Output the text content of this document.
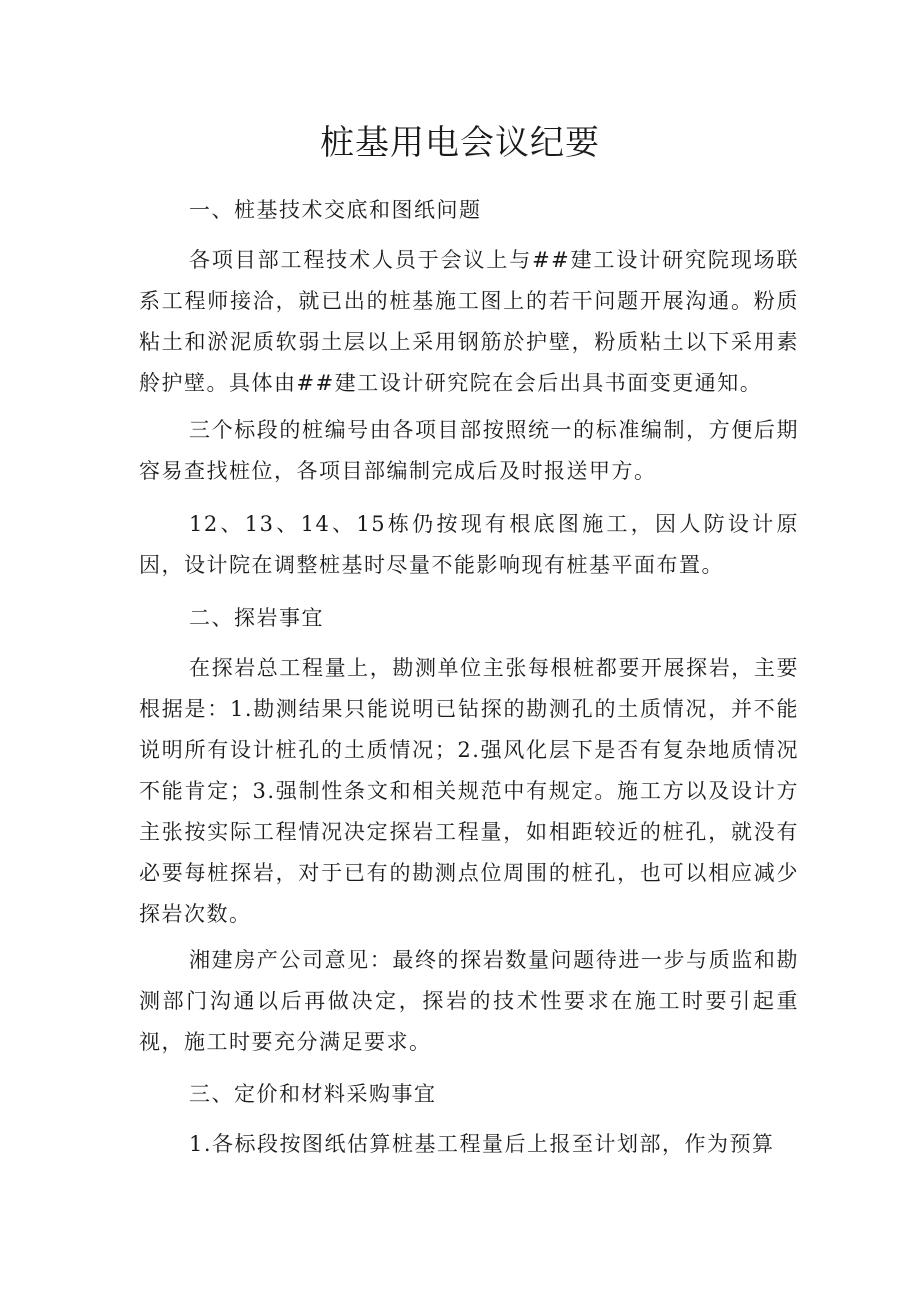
桩基用电会议纪要

一、桩基技术交底和图纸问题

各项目部工程技术人员于会议上与##建工设计研究院现场联系工程师接洽，就已出的桩基施工图上的若干问题开展沟通。粉质粘土和淤泥质软弱土层以上采用钢筋於护壁，粉质粘土以下采用素舲护壁。具体由##建工设计研究院在会后出具书面变更通知。

三个标段的桩编号由各项目部按照统一的标准编制，方便后期容易查找桩位，各项目部编制完成后及时报送甲方。

12、13、14、15栋仍按现有根底图施工，因人防设计原因，设计院在调整桩基时尽量不能影响现有桩基平面布置。

二、探岩事宜

在探岩总工程量上，勘测单位主张每根桩都要开展探岩，主要根据是：1.勘测结果只能说明已钻探的勘测孔的土质情况，并不能说明所有设计桩孔的土质情况；2.强风化层下是否有复杂地质情况不能肯定；3.强制性条文和相关规范中有规定。施工方以及设计方主张按实际工程情况决定探岩工程量，如相距较近的桩孔，就没有必要每桩探岩，对于已有的勘测点位周围的桩孔，也可以相应减少探岩次数。

湘建房产公司意见：最终的探岩数量问题待进一步与质监和勘测部门沟通以后再做决定，探岩的技术性要求在施工时要引起重视，施工时要充分满足要求。

三、定价和材料采购事宜

1.各标段按图纸估算桩基工程量后上报至计划部，作为预算
